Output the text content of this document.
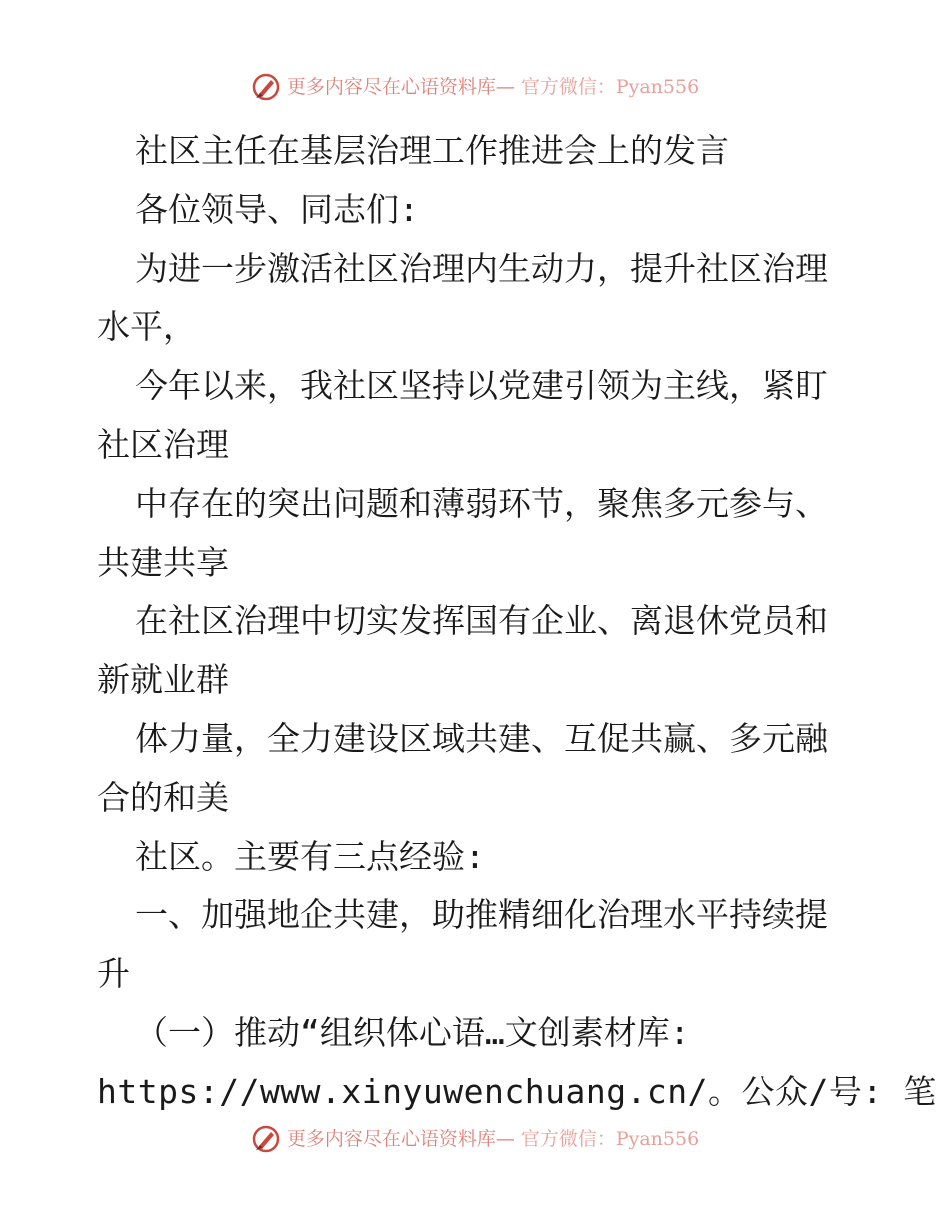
更多内容尽在心语资料库— 官方微信：Pyan556
社区主任在基层治理工作推进会上的发言
各位领导、同志们:
为进一步激活社区治理内生动力，提升社区治理
水平，
今年以来，我社区坚持以党建引领为主线，紧盯
社区治理
中存在的突出问题和薄弱环节，聚焦多元参与、
共建共享
在社区治理中切实发挥国有企业、离退休党员和
新就业群
体力量，全力建设区域共建、互促共赢、多元融
合的和美
社区。主要有三点经验:
一、加强地企共建，助推精细化治理水平持续提
升
（一）推动“组织体心语…文创素材库:
https://www.xinyuwenchuang.cn/。公众/号: 笔
更多内容尽在心语资料库— 官方微信：Pyan556
